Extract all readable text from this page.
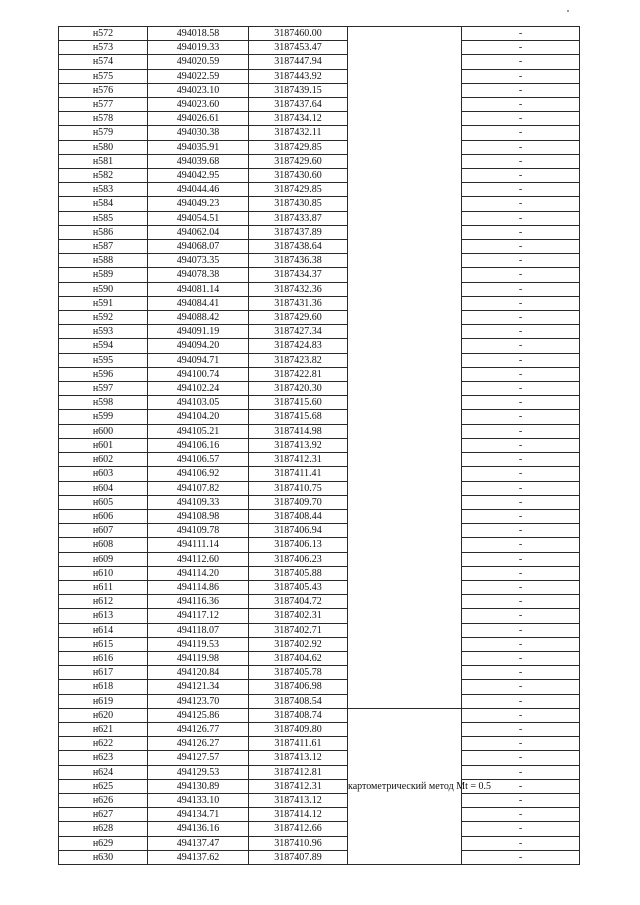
н572	494018.58	3187460.00		-
н573	494019.33	3187453.47		-
н574	494020.59	3187447.94		-
н575	494022.59	3187443.92		-
н576	494023.10	3187439.15		-
н577	494023.60	3187437.64		-
н578	494026.61	3187434.12		-
н579	494030.38	3187432.11		-
н580	494035.91	3187429.85		-
н581	494039.68	3187429.60		-
н582	494042.95	3187430.60		-
н583	494044.46	3187429.85		-
н584	494049.23	3187430.85		-
н585	494054.51	3187433.87		-
н586	494062.04	3187437.89		-
н587	494068.07	3187438.64		-
н588	494073.35	3187436.38		-
н589	494078.38	3187434.37		-
н590	494081.14	3187432.36		-
н591	494084.41	3187431.36		-
н592	494088.42	3187429.60		-
н593	494091.19	3187427.34		-
н594	494094.20	3187424.83		-
н595	494094.71	3187423.82		-
н596	494100.74	3187422.81		-
н597	494102.24	3187420.30		-
н598	494103.05	3187415.60		-
н599	494104.20	3187415.68		-
н600	494105.21	3187414.98		-
н601	494106.16	3187413.92		-
н602	494106.57	3187412.31		-
н603	494106.92	3187411.41		-
н604	494107.82	3187410.75		-
н605	494109.33	3187409.70		-
н606	494108.98	3187408.44		-
н607	494109.78	3187406.94		-
н608	494111.14	3187406.13		-
н609	494112.60	3187406.23		-
н610	494114.20	3187405.88		-
н611	494114.86	3187405.43		-
н612	494116.36	3187404.72		-
н613	494117.12	3187402.31		-
н614	494118.07	3187402.71		-
н615	494119.53	3187402.92		-
н616	494119.98	3187404.62		-
н617	494120.84	3187405.78		-
н618	494121.34	3187406.98		-
н619	494123.70	3187408.54		-
н620	494125.86	3187408.74	картометрический метод Mt = 0.5	-
н621	494126.77	3187409.80		-
н622	494126.27	3187411.61		-
н623	494127.57	3187413.12		-
н624	494129.53	3187412.81		-
н625	494130.89	3187412.31		-
н626	494133.10	3187413.12		-
н627	494134.71	3187414.12		-
н628	494136.16	3187412.66		-
н629	494137.47	3187410.96		-
н630	494137.62	3187407.89		-
